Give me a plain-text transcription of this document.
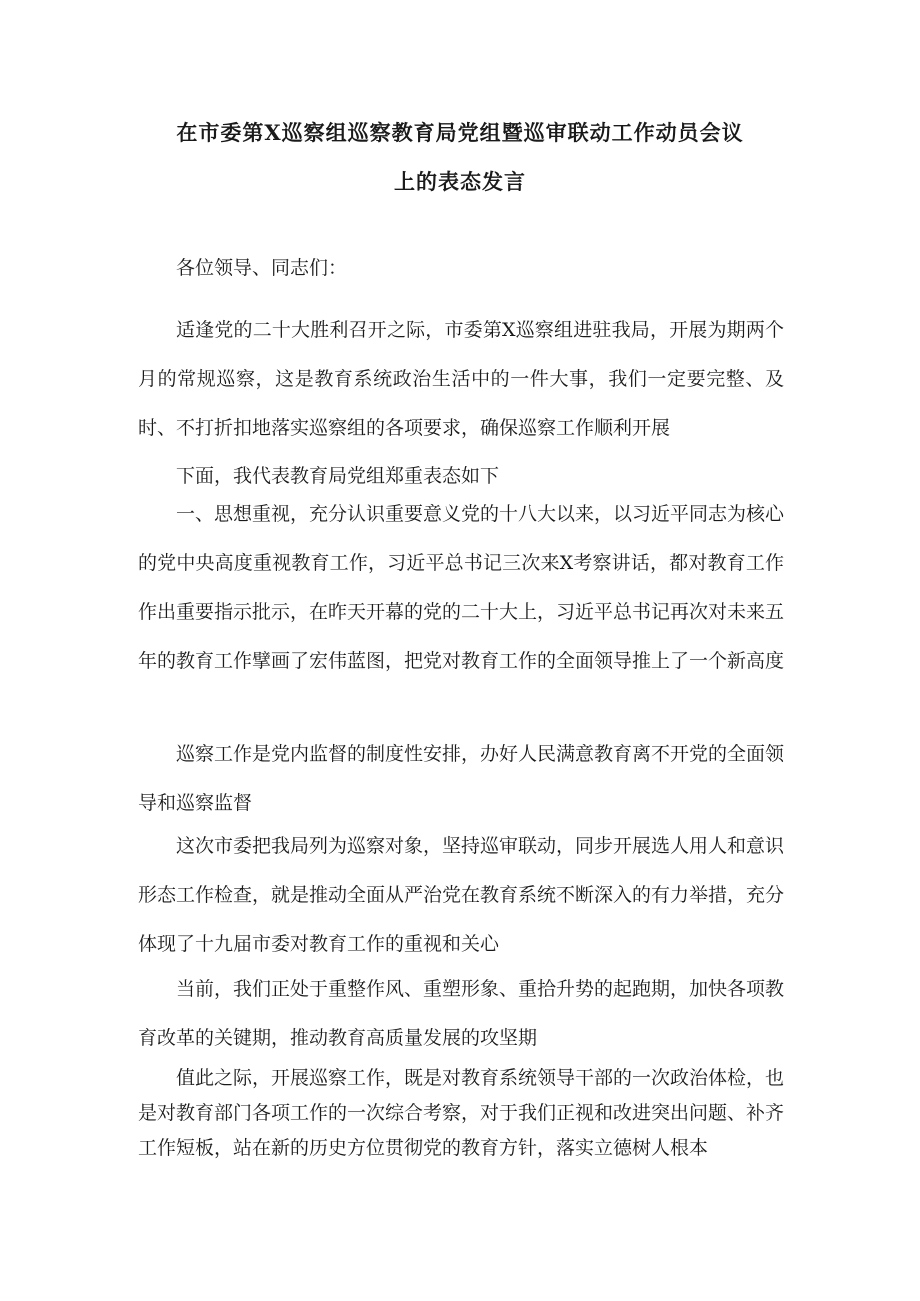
在市委第X巡察组巡察教育局党组暨巡审联动工作动员会议
上的表态发言

各位领导、同志们：

适逢党的二十大胜利召开之际，市委第X巡察组进驻我局，开展为期两个月的常规巡察，这是教育系统政治生活中的一件大事，我们一定要完整、及时、不打折扣地落实巡察组的各项要求，确保巡察工作顺利开展

下面，我代表教育局党组郑重表态如下

一、思想重视，充分认识重要意义党的十八大以来，以习近平同志为核心的党中央高度重视教育工作，习近平总书记三次来X考察讲话，都对教育工作作出重要指示批示，在昨天开幕的党的二十大上，习近平总书记再次对未来五年的教育工作擘画了宏伟蓝图，把党对教育工作的全面领导推上了一个新高度

巡察工作是党内监督的制度性安排，办好人民满意教育离不开党的全面领导和巡察监督

这次市委把我局列为巡察对象，坚持巡审联动，同步开展选人用人和意识形态工作检查，就是推动全面从严治党在教育系统不断深入的有力举措，充分体现了十九届市委对教育工作的重视和关心

当前，我们正处于重整作风、重塑形象、重拾升势的起跑期，加快各项教育改革的关键期，推动教育高质量发展的攻坚期

值此之际，开展巡察工作，既是对教育系统领导干部的一次政治体检，也是对教育部门各项工作的一次综合考察，对于我们正视和改进突出问题、补齐工作短板，站在新的历史方位贯彻党的教育方针，落实立德树人根本
